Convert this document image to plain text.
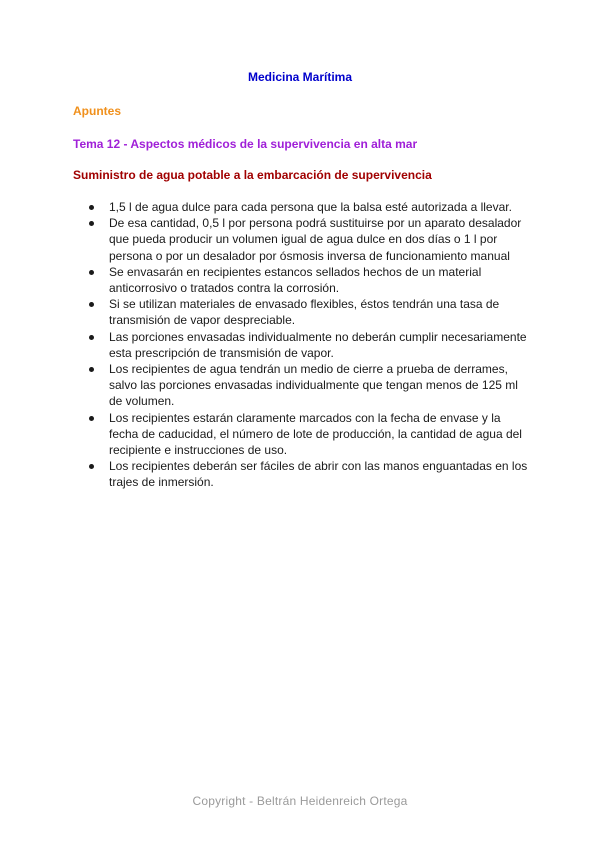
Medicina Marítima
Apuntes
Tema 12 - Aspectos médicos de la supervivencia en alta mar
Suministro de agua potable a la embarcación de supervivencia
1,5 l de agua dulce para cada persona que la balsa esté autorizada a llevar.
De esa cantidad, 0,5 l por persona podrá sustituirse por un aparato desalador que pueda producir un volumen igual de agua dulce en dos días o 1 l por persona o por un desalador por ósmosis inversa de funcionamiento manual
Se envasarán en recipientes estancos sellados hechos de un material anticorrosivo o tratados contra la corrosión.
Si se utilizan materiales de envasado flexibles, éstos tendrán una tasa de transmisión de vapor despreciable.
Las porciones envasadas individualmente no deberán cumplir necesariamente esta prescripción de transmisión de vapor.
Los recipientes de agua tendrán un medio de cierre a prueba de derrames, salvo las porciones envasadas individualmente que tengan menos de 125 ml de volumen.
Los recipientes estarán claramente marcados con la fecha de envase y la fecha de caducidad, el número de lote de producción, la cantidad de agua del recipiente e instrucciones de uso.
Los recipientes deberán ser fáciles de abrir con las manos enguantadas en los trajes de inmersión.
Copyright - Beltrán Heidenreich Ortega
